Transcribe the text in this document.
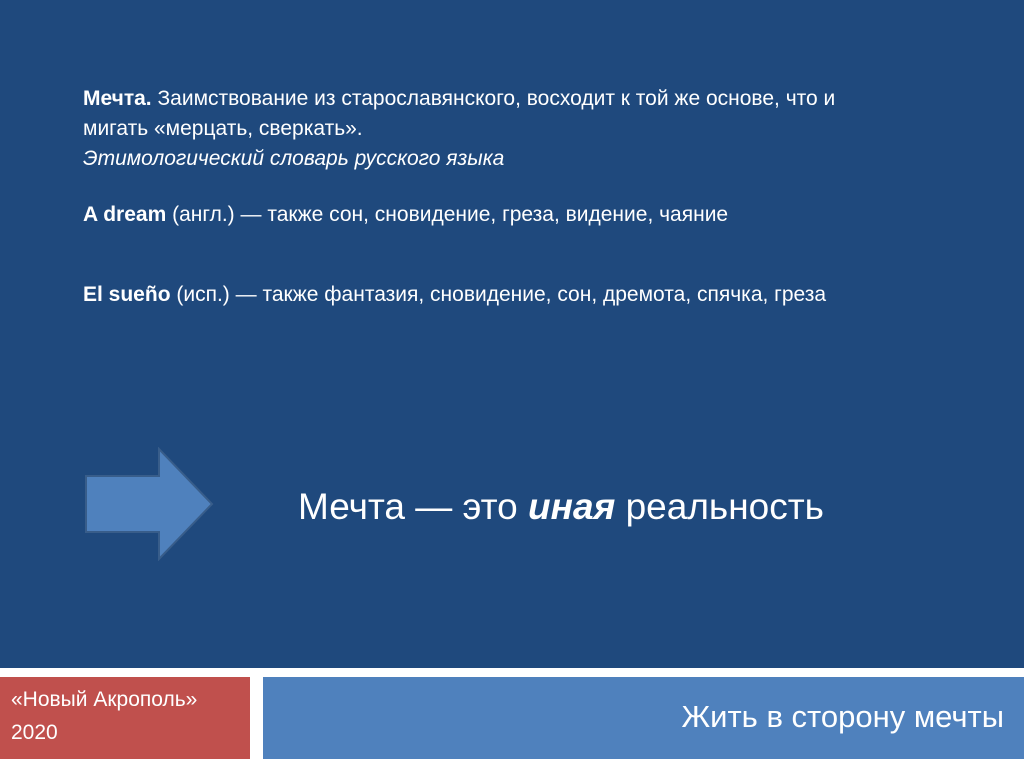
Мечта. Заимствование из старославянского, восходит к той же основе, что и

мигать «мерцать, сверкать».

Этимологический словарь русского языка

A dream (англ.) — также сон, сновидение, греза, видение, чаяние

El sueño (исп.) — также фантазия, сновидение, сон, дремота, спячка, греза

Мечта — это иная реальность
«Новый Акрополь»
2020	Жить в сторону мечты
